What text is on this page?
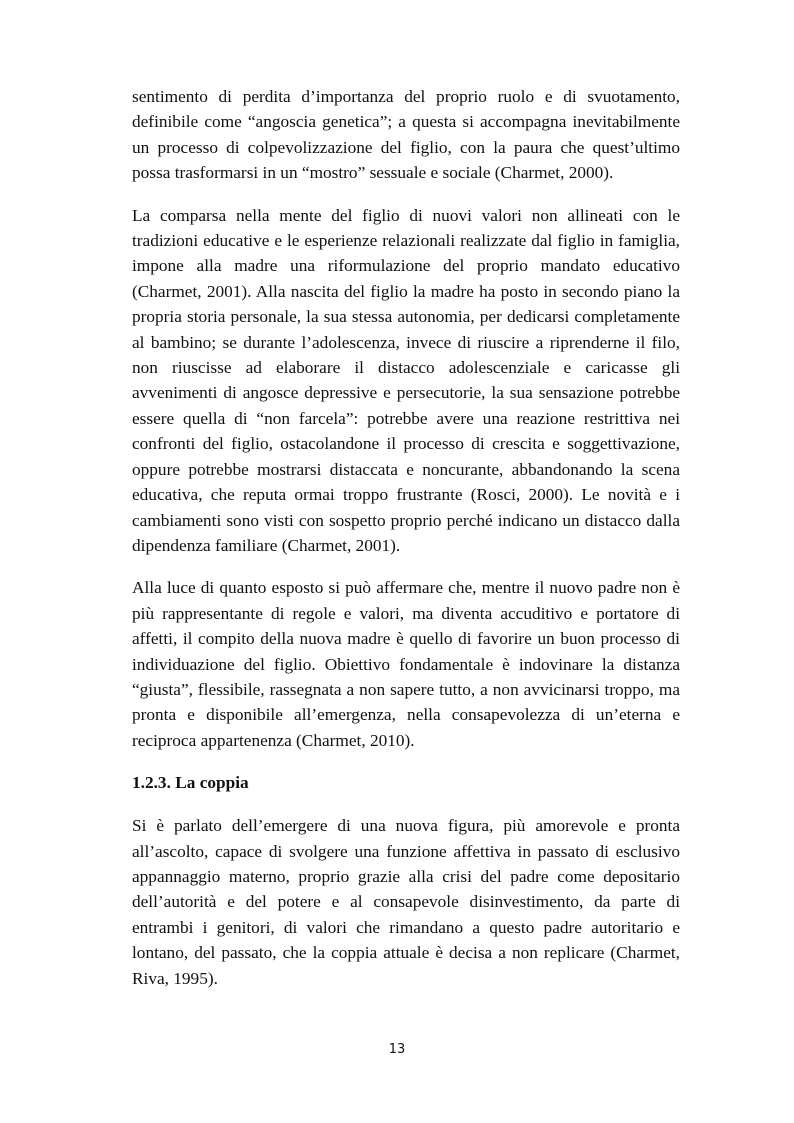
sentimento di perdita d’importanza del proprio ruolo e di svuotamento, definibile come “angoscia genetica”; a questa si accompagna inevitabilmente un processo di colpevolizzazione del figlio, con la paura che quest’ultimo possa trasformarsi in un “mostro” sessuale e sociale (Charmet, 2000).

La comparsa nella mente del figlio di nuovi valori non allineati con le tradizioni educative e le esperienze relazionali realizzate dal figlio in famiglia, impone alla madre una riformulazione del proprio mandato educativo (Charmet, 2001). Alla nascita del figlio la madre ha posto in secondo piano la propria storia personale, la sua stessa autonomia, per dedicarsi completamente al bambino; se durante l’adolescenza, invece di riuscire a riprenderne il filo, non riuscisse ad elaborare il distacco adolescenziale e caricasse gli avvenimenti di angosce depressive e persecutorie, la sua sensazione potrebbe essere quella di “non farcela”: potrebbe avere una reazione restrittiva nei confronti del figlio, ostacolandone il processo di crescita e soggettivazione, oppure potrebbe mostrarsi distaccata e noncurante, abbandonando la scena educativa, che reputa ormai troppo frustrante (Rosci, 2000). Le novità e i cambiamenti sono visti con sospetto proprio perché indicano un distacco dalla dipendenza familiare (Charmet, 2001).

Alla luce di quanto esposto si può affermare che, mentre il nuovo padre non è più rappresentante di regole e valori, ma diventa accuditivo e portatore di affetti, il compito della nuova madre è quello di favorire un buon processo di individuazione del figlio. Obiettivo fondamentale è indovinare la distanza “giusta”, flessibile, rassegnata a non sapere tutto, a non avvicinarsi troppo, ma pronta e disponibile all’emergenza, nella consapevolezza di un’eterna e reciproca appartenenza (Charmet, 2010).

1.2.3. La coppia

Si è parlato dell’emergere di una nuova figura, più amorevole e pronta all’ascolto, capace di svolgere una funzione affettiva in passato di esclusivo appannaggio materno, proprio grazie alla crisi del padre come depositario dell’autorità e del potere e al consapevole disinvestimento, da parte di entrambi i genitori, di valori che rimandano a questo padre autoritario e lontano, del passato, che la coppia attuale è decisa a non replicare (Charmet, Riva, 1995).

13
